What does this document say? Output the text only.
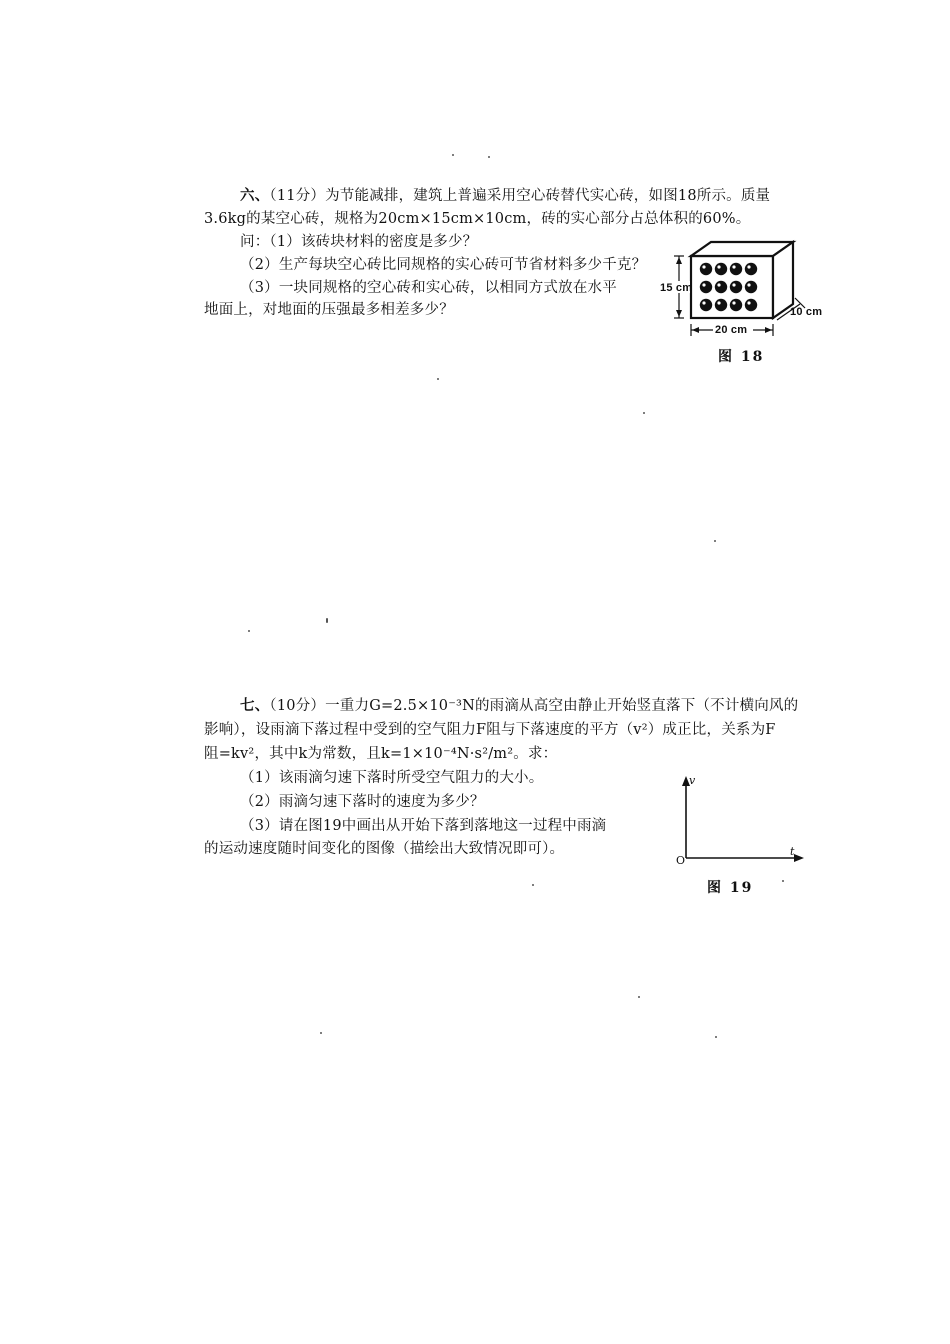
六、（11分）为节能减排，建筑上普遍采用空心砖替代实心砖，如图18所示。质量
3.6kg的某空心砖，规格为20cm×15cm×10cm，砖的实心部分占总体积的60%。
问：（1）该砖块材料的密度是多少？
（2）生产每块空心砖比同规格的实心砖可节省材料多少千克？
（3）一块同规格的空心砖和实心砖，以相同方式放在水平
地面上，对地面的压强最多相差多少？
15 cm
20 cm
10 cm
图 18
七、（10分）一重力G=2.5×10⁻³N的雨滴从高空由静止开始竖直落下（不计横向风的
影响），设雨滴下落过程中受到的空气阻力F阻与下落速度的平方（v²）成正比，关系为F
阻=kv²，其中k为常数，且k=1×10⁻⁴N·s²/m²。求：
（1）该雨滴匀速下落时所受空气阻力的大小。
（2）雨滴匀速下落时的速度为多少？
（3）请在图19中画出从开始下落到落地这一过程中雨滴
的运动速度随时间变化的图像（描绘出大致情况即可）。
v
t
O
图 19
